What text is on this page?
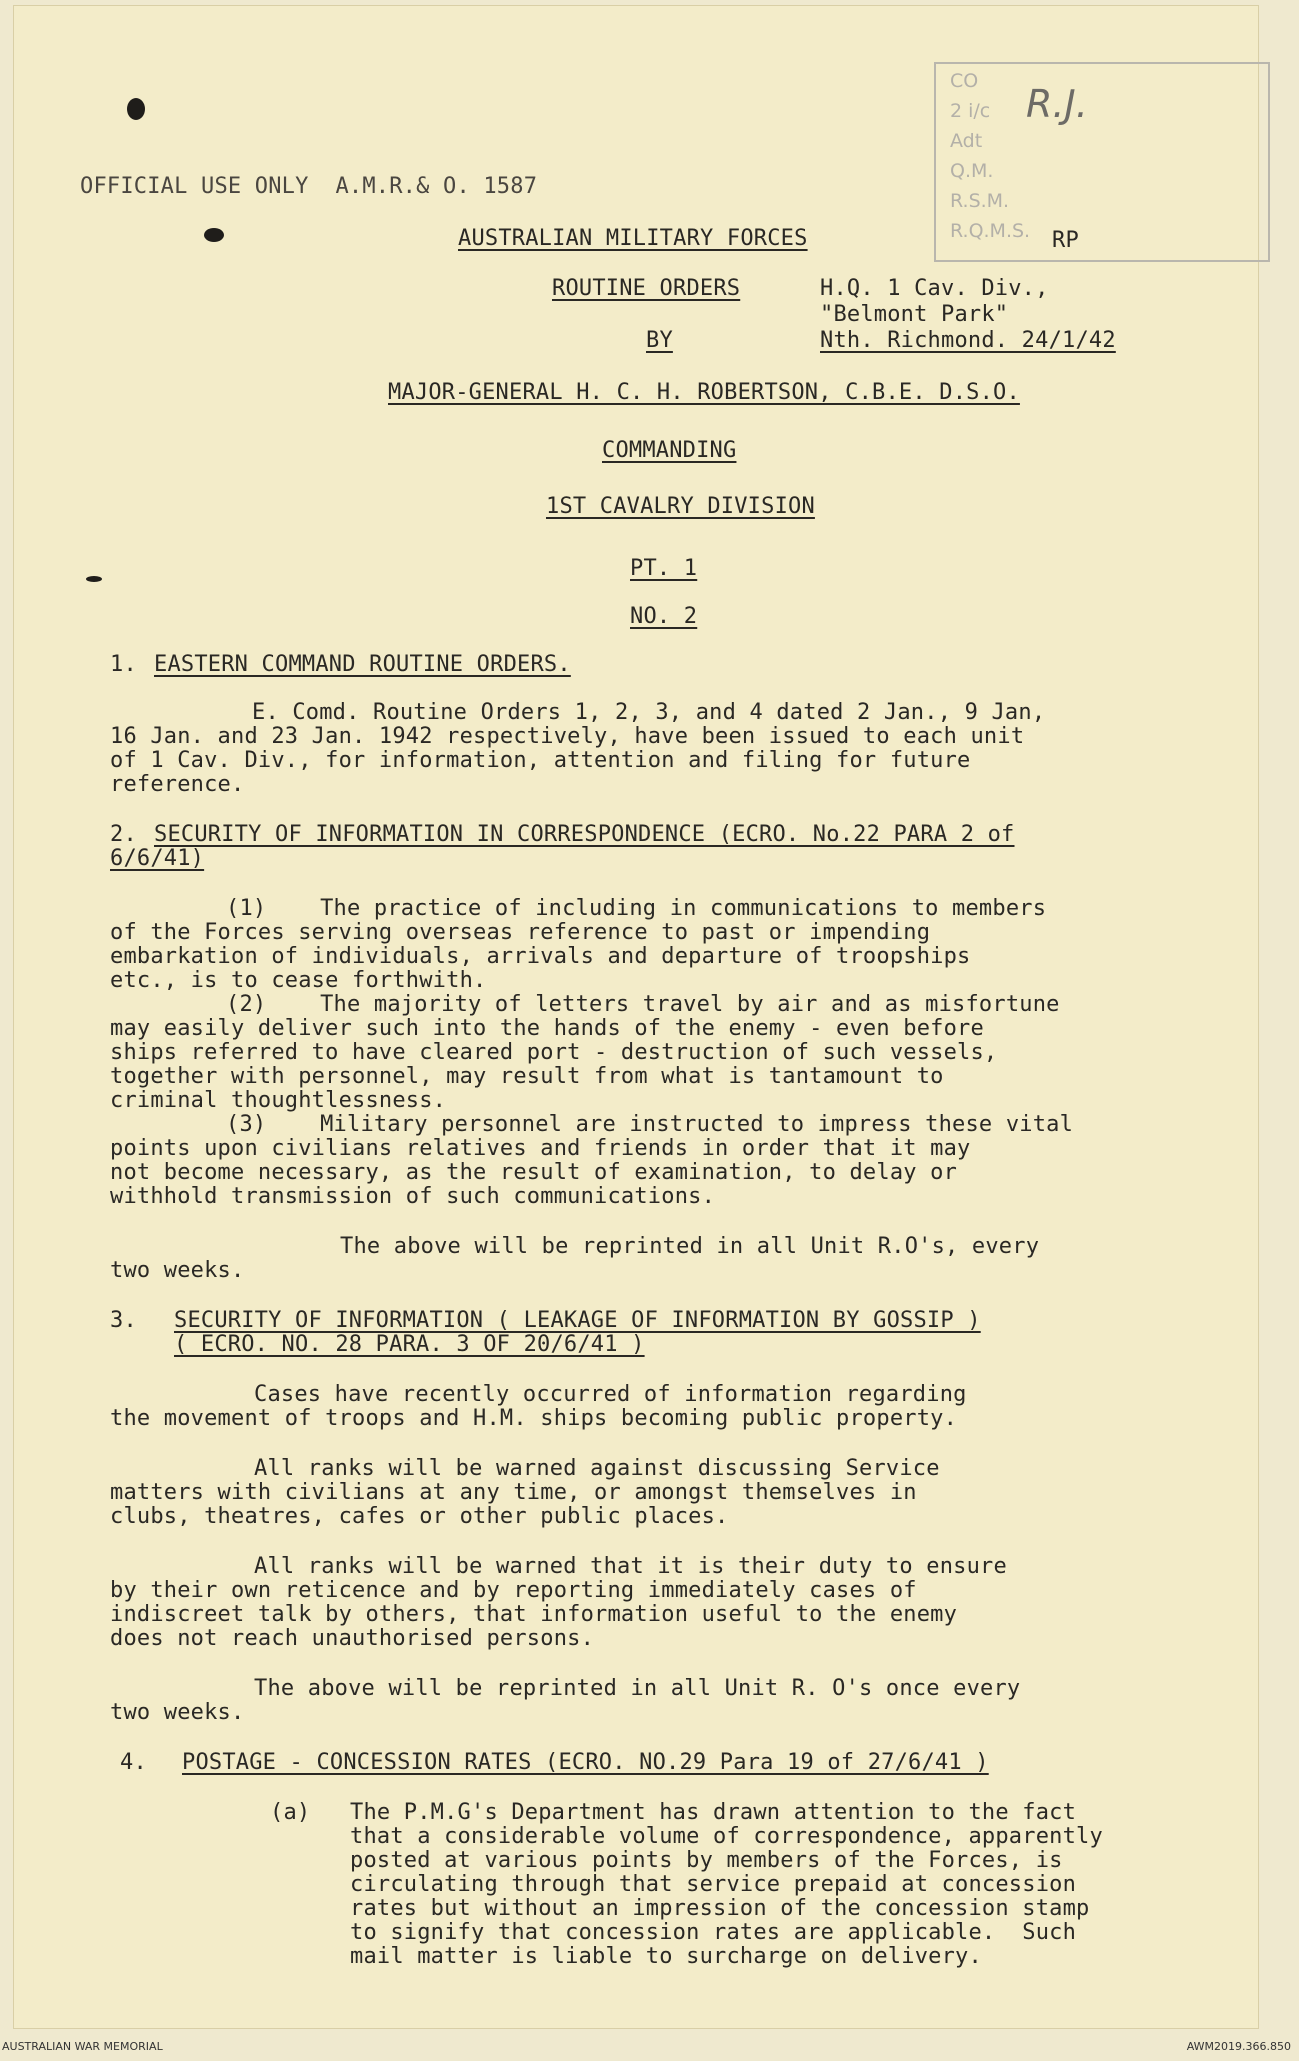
CO
2 i/c
Adt
Q.M.
R.S.M.
R.Q.M.S.
R.J.
OFFICIAL USE ONLY  A.M.R.& O. 1587
AUSTRALIAN MILITARY FORCES	RP
ROUTINE ORDERS	H.Q. 1 Cav. Div.,
"Belmont Park"
BY	Nth. Richmond. 24/1/42
MAJOR-GENERAL H. C. H. ROBERTSON, C.B.E. D.S.O.
COMMANDING
1ST CAVALRY DIVISION
PT. 1
NO. 2
1. EASTERN COMMAND ROUTINE ORDERS.
E. Comd. Routine Orders 1, 2, 3, and 4 dated 2 Jan., 9 Jan,
16 Jan. and 23 Jan. 1942 respectively, have been issued to each unit
of 1 Cav. Div., for information, attention and filing for future
reference.
2. SECURITY OF INFORMATION IN CORRESPONDENCE (ECRO. No.22 PARA 2 of
6/6/41)
(1)    The practice of including in communications to members
of the Forces serving overseas reference to past or impending
embarkation of individuals, arrivals and departure of troopships
etc., is to cease forthwith.
(2)    The majority of letters travel by air and as misfortune
may easily deliver such into the hands of the enemy - even before
ships referred to have cleared port - destruction of such vessels,
together with personnel, may result from what is tantamount to
criminal thoughtlessness.
(3)    Military personnel are instructed to impress these vital
points upon civilians relatives and friends in order that it may
not become necessary, as the result of examination, to delay or
withhold transmission of such communications.
The above will be reprinted in all Unit R.O's, every
two weeks.
3. SECURITY OF INFORMATION ( LEAKAGE OF INFORMATION BY GOSSIP )
( ECRO. NO. 28 PARA. 3 OF 20/6/41 )
Cases have recently occurred of information regarding
the movement of troops and H.M. ships becoming public property.
All ranks will be warned against discussing Service
matters with civilians at any time, or amongst themselves in
clubs, theatres, cafes or other public places.
All ranks will be warned that it is their duty to ensure
by their own reticence and by reporting immediately cases of
indiscreet talk by others, that information useful to the enemy
does not reach unauthorised persons.
The above will be reprinted in all Unit R. O's once every
two weeks.
4. POSTAGE - CONCESSION RATES (ECRO. NO.29 Para 19 of 27/6/41 )
(a) The P.M.G's Department has drawn attention to the fact
that a considerable volume of correspondence, apparently
posted at various points by members of the Forces, is
circulating through that service prepaid at concession
rates but without an impression of the concession stamp
to signify that concession rates are applicable.  Such
mail matter is liable to surcharge on delivery.
AUSTRALIAN WAR MEMORIAL	AWM2019.366.850
